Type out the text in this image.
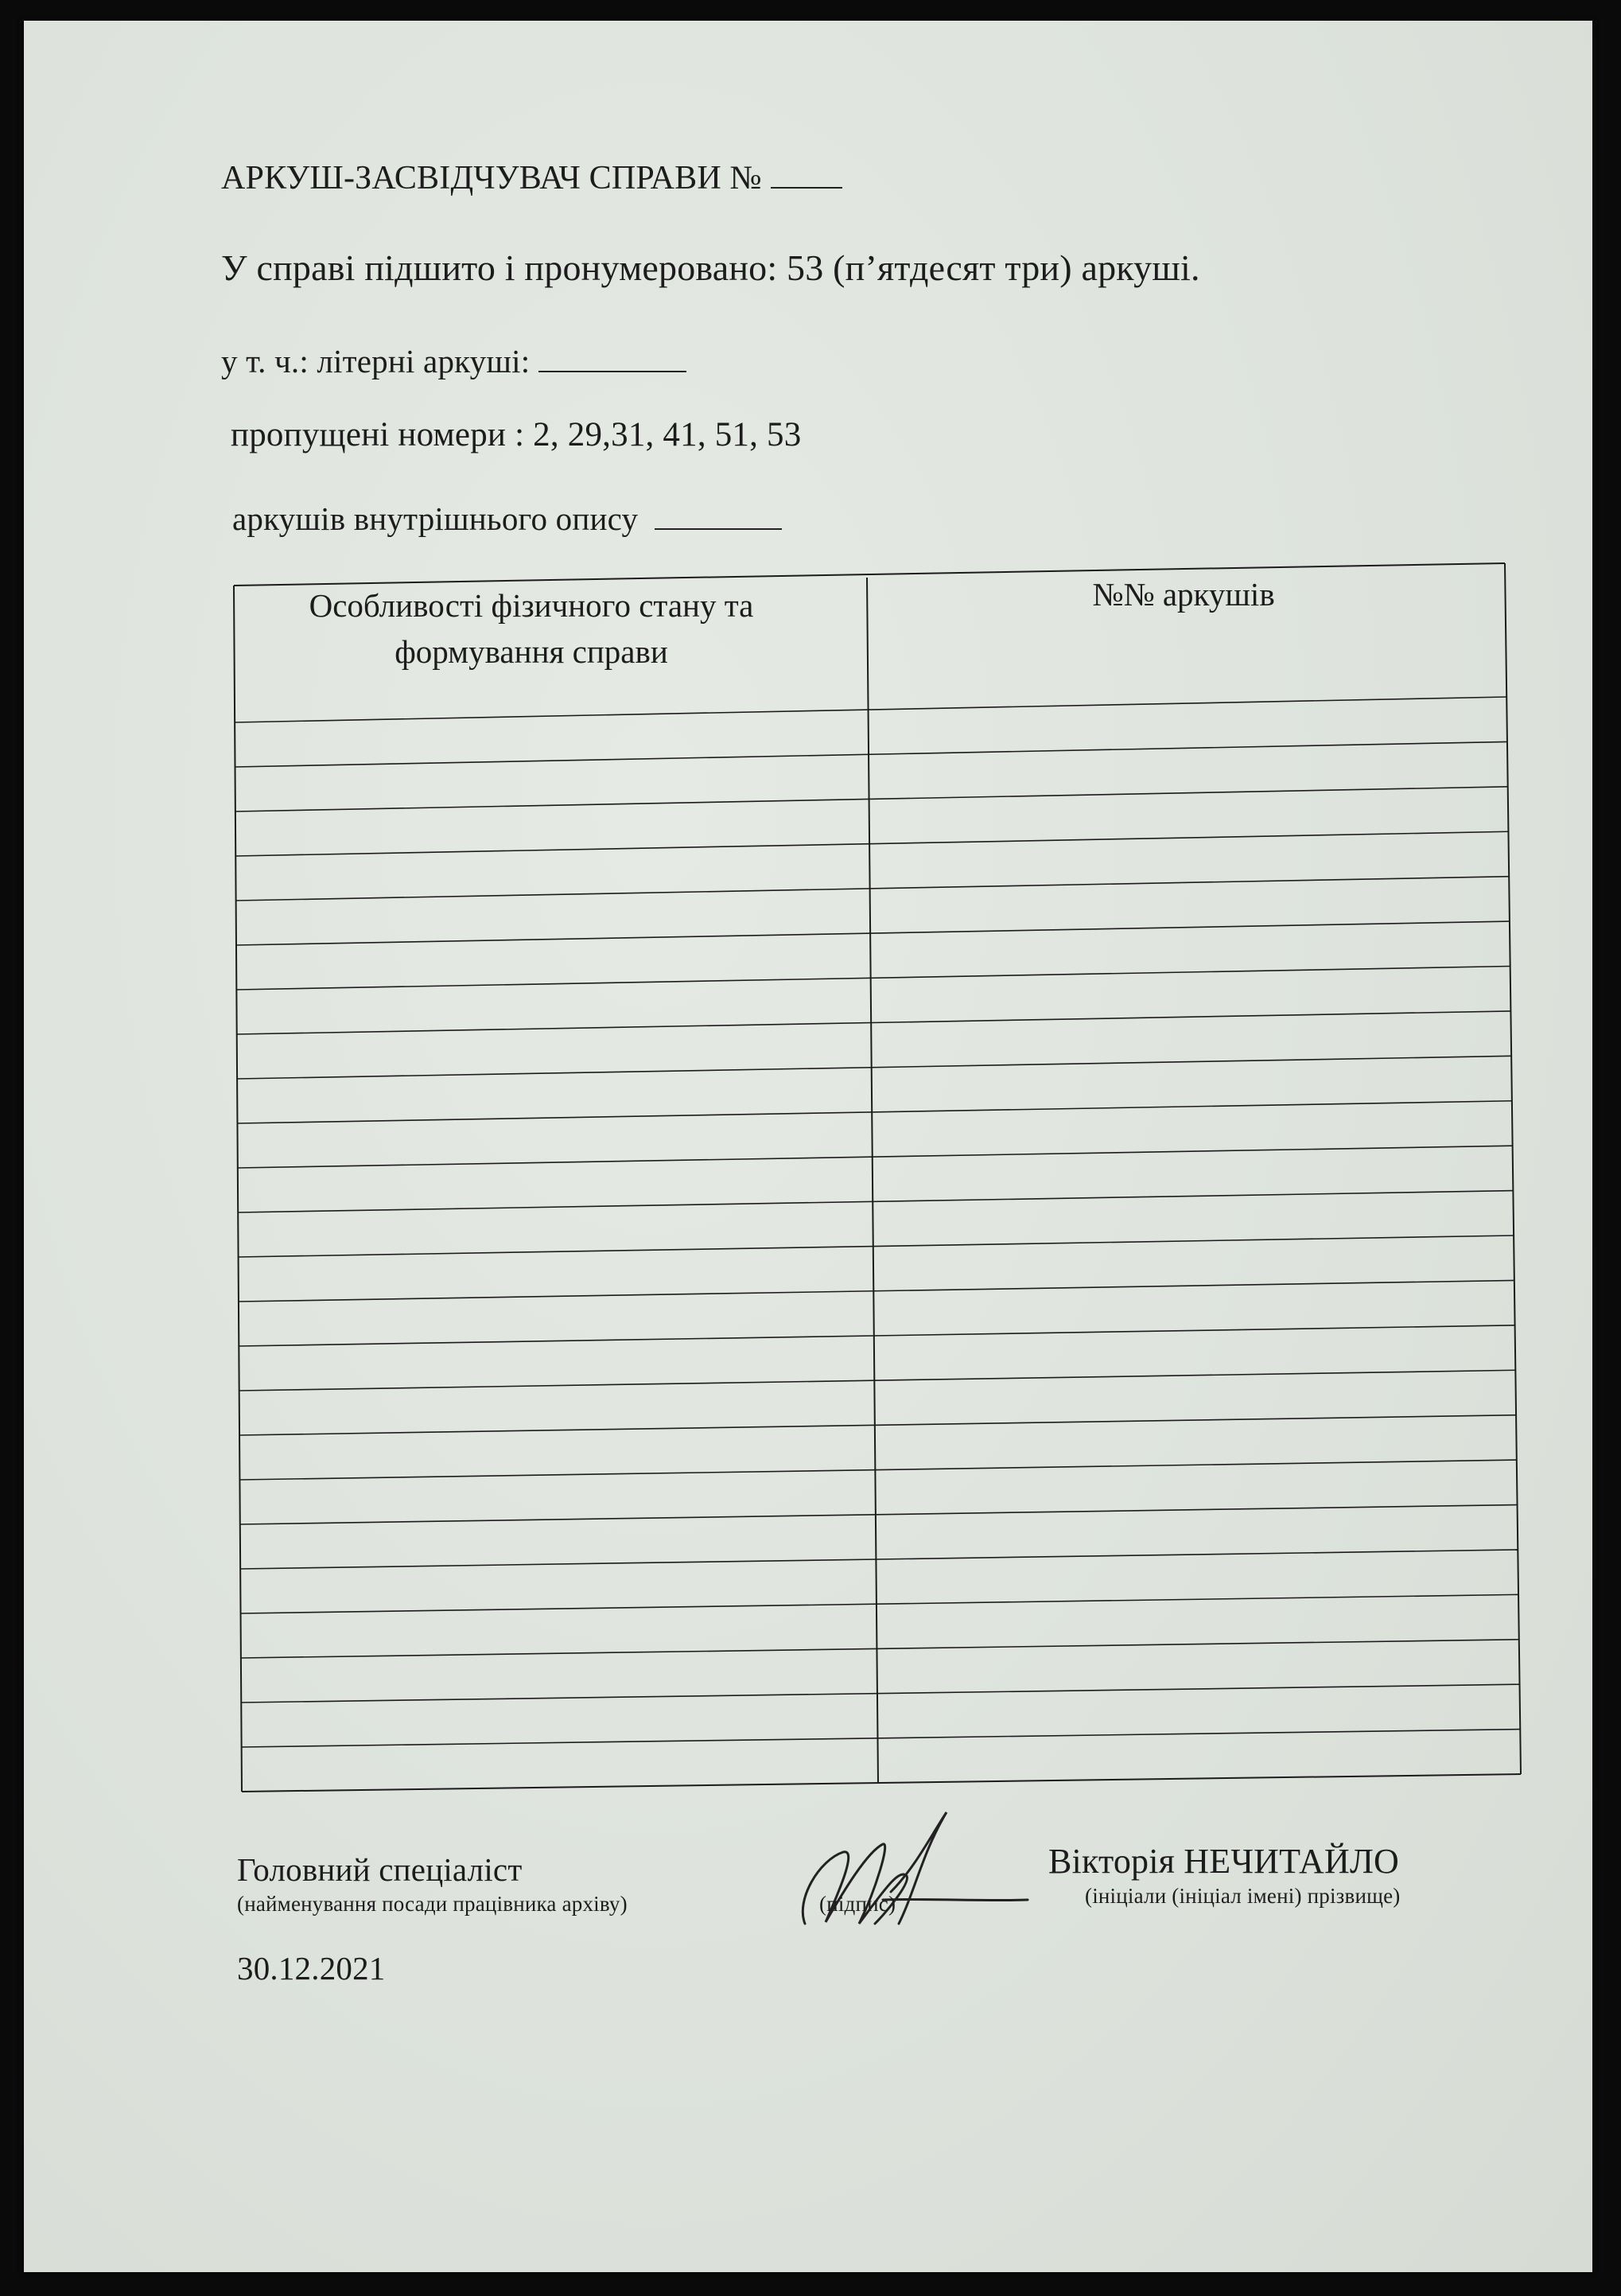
АРКУШ-ЗАСВІДЧУВАЧ СПРАВИ №
У справі підшито і пронумеровано: 53 (п’ятдесят три) аркуші.
у т. ч.: літерні аркуші:
пропущені номери : 2, 29,31, 41, 51, 53
аркушів внутрішнього опису
Особливості фізичного стану та
формування справи
№№ аркушів
Головний спеціаліст
(найменування посади працівника архіву)	(підпис)
Вікторія НЕЧИТАЙЛО
(ініціали (ініціал імені) прізвище)
30.12.2021
